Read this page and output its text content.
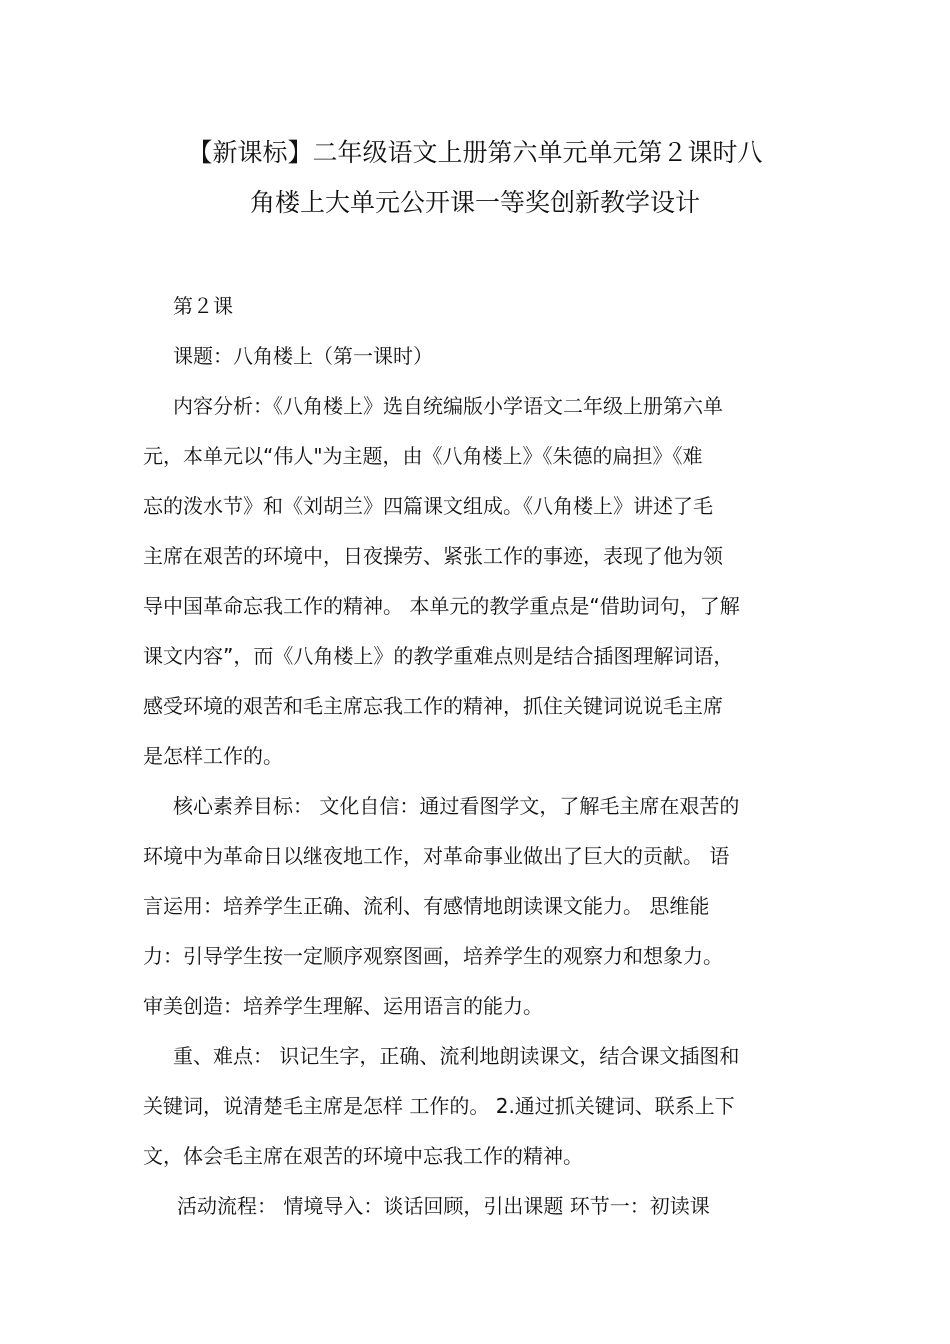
【新课标】二年级语文上册第六单元单元第２课时八
角楼上大单元公开课一等奖创新教学设计

第２课

课题：八角楼上（第一课时）

内容分析：《八角楼上》选自统编版小学语文二年级上册第六单

元，本单元以“伟人"为主题，由《八角楼上》《朱德的扁担》《难

忘的泼水节》和《刘胡兰》四篇课文组成。《八角楼上》讲述了毛

主席在艰苦的环境中，日夜操劳、紧张工作的事迹，表现了他为领

导中国革命忘我工作的精神。 本单元的教学重点是“借助词句，了解

课文内容”，而《八角楼上》的教学重难点则是结合插图理解词语，

感受环境的艰苦和毛主席忘我工作的精神，抓住关键词说说毛主席

是怎样工作的。

核心素养目标： 文化自信：通过看图学文，了解毛主席在艰苦的

环境中为革命日以继夜地工作，对革命事业做出了巨大的贡献。 语

言运用：培养学生正确、流利、有感情地朗读课文能力。 思维能

力：引导学生按一定顺序观察图画，培养学生的观察力和想象力。

审美创造：培养学生理解、运用语言的能力。

重、难点： 识记生字，正确、流利地朗读课文，结合课文插图和

关键词，说清楚毛主席是怎样 工作的。 2.通过抓关键词、联系上下

文，体会毛主席在艰苦的环境中忘我工作的精神。

活动流程： 情境导入：谈话回顾，引出课题 环节一：初读课
